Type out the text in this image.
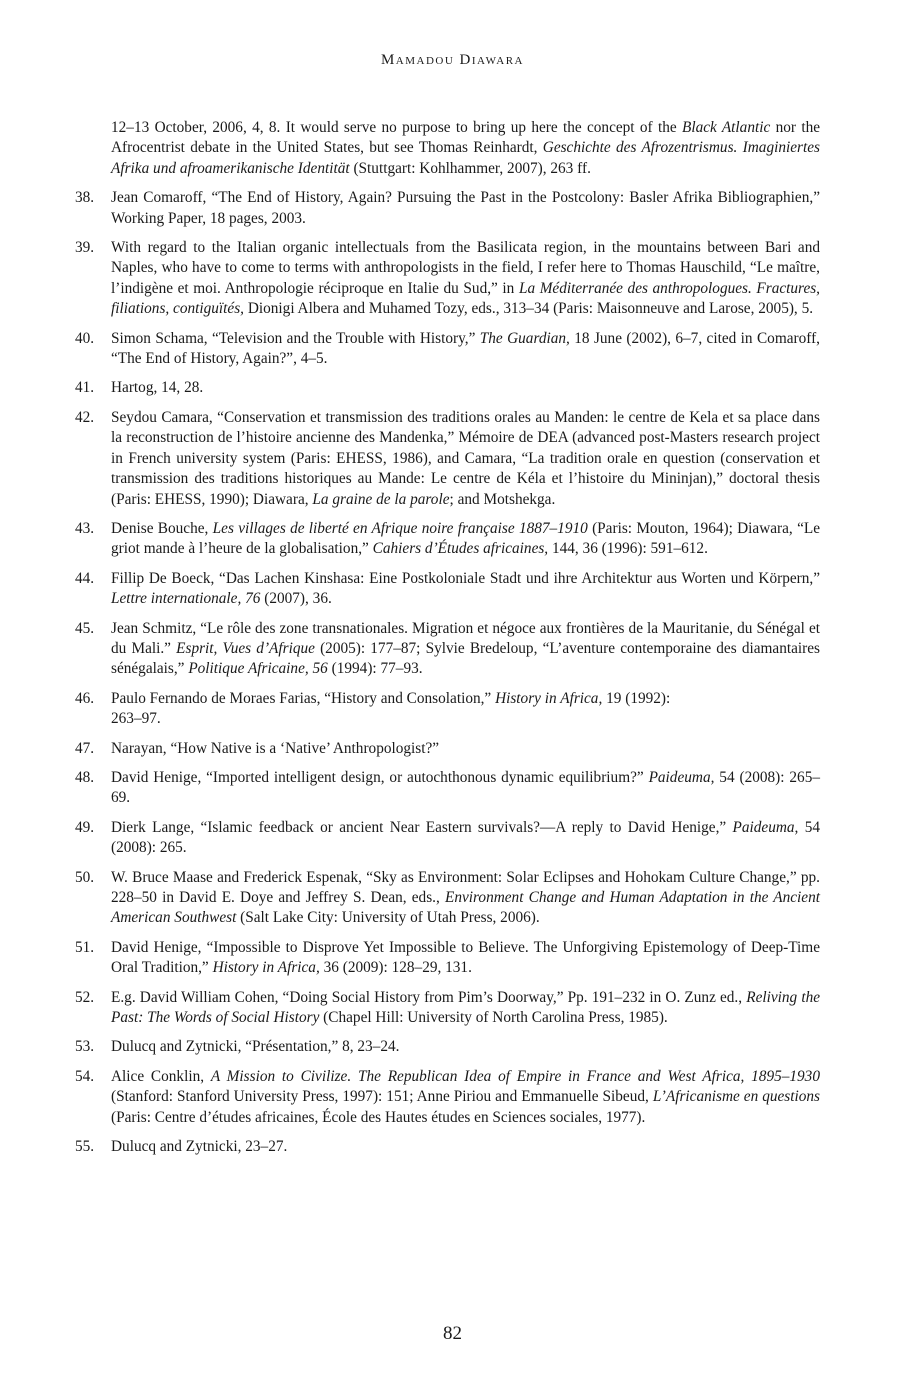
Mamadou Diawara
12–13 October, 2006, 4, 8. It would serve no purpose to bring up here the concept of the Black Atlantic nor the Afrocentrist debate in the United States, but see Thomas Reinhardt, Geschichte des Afrozentrismus. Imaginiertes Afrika und afroamerikanische Identität (Stuttgart: Kohlhammer, 2007), 263 ff.
38.	Jean Comaroff, “The End of History, Again? Pursuing the Past in the Postcolony: Basler Afrika Bibliographien,” Working Paper, 18 pages, 2003.
39.	With regard to the Italian organic intellectuals from the Basilicata region, in the mountains between Bari and Naples, who have to come to terms with anthropologists in the field, I refer here to Thomas Hauschild, “Le maître, l’indigène et moi. Anthropologie réciproque en Italie du Sud,” in La Méditerranée des anthropologues. Fractures, filiations, contiguïtés, Dionigi Albera and Muhamed Tozy, eds., 313–34 (Paris: Maisonneuve and Larose, 2005), 5.
40.	Simon Schama, “Television and the Trouble with History,” The Guardian, 18 June (2002), 6–7, cited in Comaroff, “The End of History, Again?”, 4–5.
41.	Hartog, 14, 28.
42.	Seydou Camara, “Conservation et transmission des traditions orales au Manden: le centre de Kela et sa place dans la reconstruction de l’histoire ancienne des Mandenka,” Mémoire de DEA (advanced post-Masters research project in French university system (Paris: EHESS, 1986), and Camara, “La tradition orale en question (conservation et transmission des traditions historiques au Mande: Le centre de Kéla et l’histoire du Mininjan),” doctoral thesis (Paris: EHESS, 1990); Diawara, La graine de la parole; and Motshekga.
43.	Denise Bouche, Les villages de liberté en Afrique noire française 1887–1910 (Paris: Mouton, 1964); Diawara, “Le griot mande à l’heure de la globalisation,” Cahiers d’Études africaines, 144, 36 (1996): 591–612.
44.	Fillip De Boeck, “Das Lachen Kinshasa: Eine Postkoloniale Stadt und ihre Architektur aus Worten und Körpern,” Lettre internationale, 76 (2007), 36.
45.	Jean Schmitz, “Le rôle des zone transnationales. Migration et négoce aux frontières de la Mauritanie, du Sénégal et du Mali.” Esprit, Vues d’Afrique (2005): 177–87; Sylvie Bredeloup, “L’aventure contemporaine des diamantaires sénégalais,” Politique Africaine, 56 (1994): 77–93.
46.	Paulo Fernando de Moraes Farias, “History and Consolation,” History in Africa, 19 (1992):
263–97.
47.	Narayan, “How Native is a ‘Native’ Anthropologist?”
48.	David Henige, “Imported intelligent design, or autochthonous dynamic equilibrium?” Paideuma, 54 (2008): 265–69.
49.	Dierk Lange, “Islamic feedback or ancient Near Eastern survivals?—A reply to David Henige,” Paideuma, 54 (2008): 265.
50.	W. Bruce Maase and Frederick Espenak, “Sky as Environment: Solar Eclipses and Hohokam Culture Change,” pp. 228–50 in David E. Doye and Jeffrey S. Dean, eds., Environment Change and Human Adaptation in the Ancient American Southwest (Salt Lake City: University of Utah Press, 2006).
51.	David Henige, “Impossible to Disprove Yet Impossible to Believe. The Unforgiving Epistemology of Deep-Time Oral Tradition,” History in Africa, 36 (2009): 128–29, 131.
52.	E.g. David William Cohen, “Doing Social History from Pim’s Doorway,” Pp. 191–232 in O. Zunz ed., Reliving the Past: The Words of Social History (Chapel Hill: University of North Carolina Press, 1985).
53.	Dulucq and Zytnicki, “Présentation,” 8, 23–24.
54.	Alice Conklin, A Mission to Civilize. The Republican Idea of Empire in France and West Africa, 1895–1930 (Stanford: Stanford University Press, 1997): 151; Anne Piriou and Emmanuelle Sibeud, L’Africanisme en questions (Paris: Centre d’études africaines, École des Hautes études en Sciences sociales, 1977).
55.	Dulucq and Zytnicki, 23–27.
82
